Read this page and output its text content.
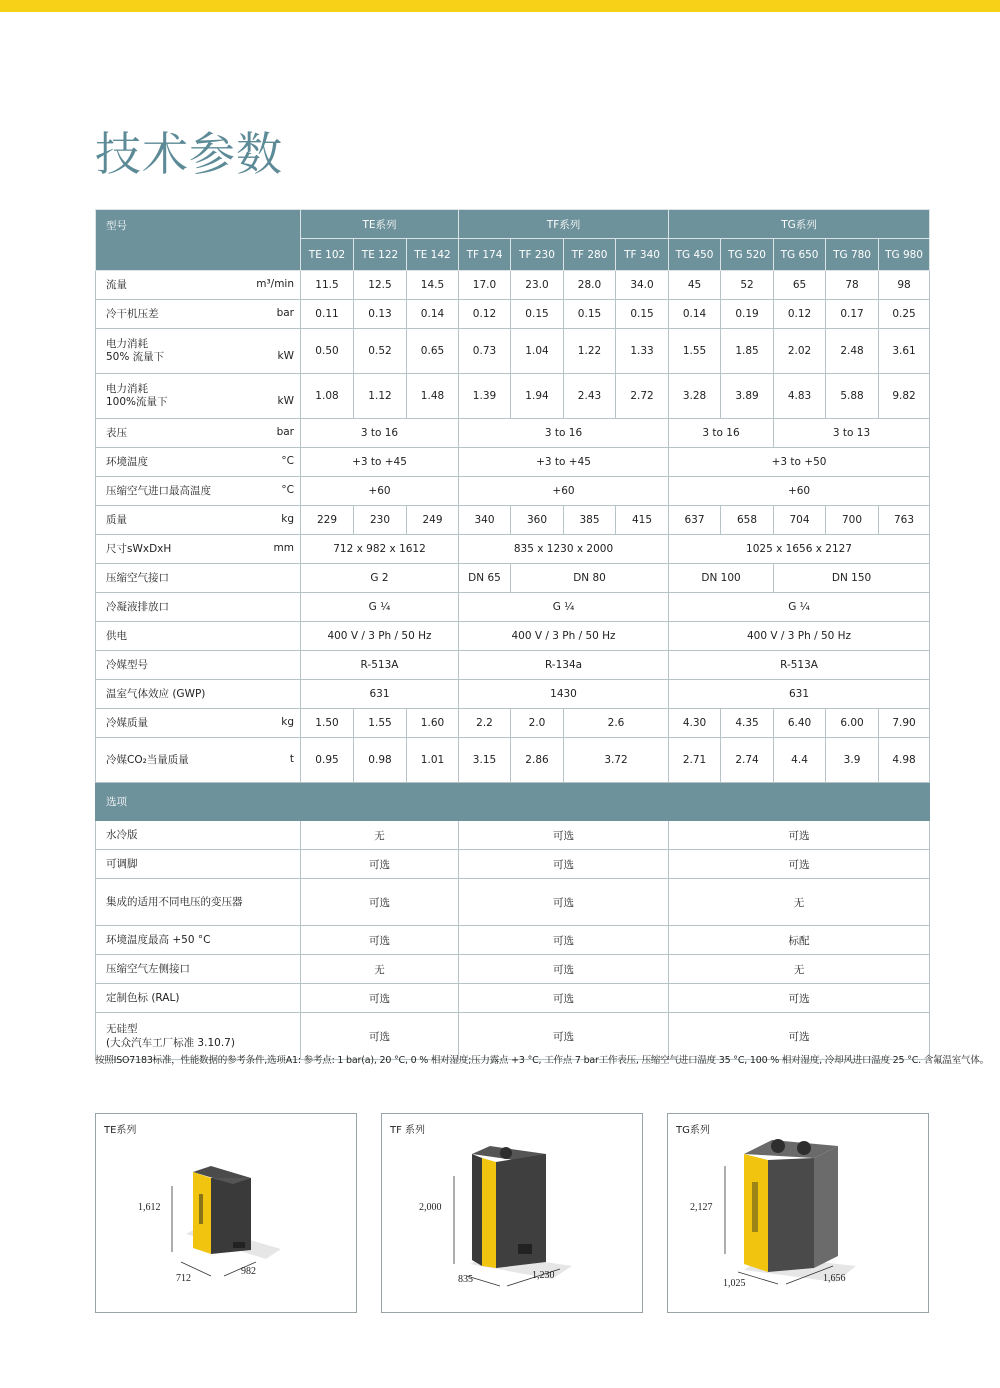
技术参数
型号	TE系列			TF系列				TG系列				
	TE 102	TE 122	TE 142	TF 174	TF 230	TF 280	TF 340	TG 450	TG 520	TG 650	TG 780	TG 980

流量 m³/min	11.5	12.5	14.5	17.0	23.0	28.0	34.0	45	52	65	78	98

冷干机压差 bar	0.11	0.13	0.14	0.12	0.15	0.15	0.15	0.14	0.19	0.12	0.17	0.25

电力消耗
50% 流量下 kW	0.50	0.52	0.65	0.73	1.04	1.22	1.33	1.55	1.85	2.02	2.48	3.61

电力消耗
100%流量下 kW	1.08	1.12	1.48	1.39	1.94	2.43	2.72	3.28	3.89	4.83	5.88	9.82

表压 bar	3 to 16			3 to 16				3 to 16		3 to 13		

环境温度 °C	+3 to +45			+3 to +45				+3 to +50				

压缩空气进口最高温度 °C	+60			+60				+60				

质量 kg	229	230	249	340	360	385	415	637	658	704	700	763

尺寸sWxDxH mm	712 x 982 x 1612			835 x 1230 x 2000				1025 x 1656 x 2127				

压缩空气接口	G 2			DN 65	DN 80			DN 100		DN 150		

冷凝液排放口	G ¼			G ¼				G ¼				

供电	400 V / 3 Ph / 50 Hz			400 V / 3 Ph / 50 Hz				400 V / 3 Ph / 50 Hz				

冷媒型号	R-513A			R-134a				R-513A				

温室气体效应 (GWP)	631			1430				631				

冷媒质量 kg	1.50	1.55	1.60	2.2	2.0	2.6		4.30	4.35	6.40	6.00	7.90

冷媒CO₂当量质量 t	0.95	0.98	1.01	3.15	2.86	3.72		2.71	2.74	4.4	3.9	4.98
选项												
水冷版	无			可选				可选				
可调脚	可选			可选				可选				
集成的适用不同电压的变压器	可选			可选				无				
环境温度最高 +50 °C	可选			可选				标配				
压缩空气左侧接口	无			可选				无				
定制色标 (RAL)	可选			可选				可选				
无硅型
(大众汽车工厂标准 3.10.7)	可选			可选				可选				
按照ISO7183标准，性能数据的参考条件,选项A1: 参考点: 1 bar(a), 20 °C, 0 % 相对湿度;压力露点 +3 °C, 工作点 7 bar工作表压, 压缩空气进口温度 35 °C, 100 % 相对湿度, 冷却风进口温度 25 °C. 含氟温室气体。
TE系列
1,612
712
982
TF 系列
2,000
835	1,230
TG系列
2,127
1,025	1,656
